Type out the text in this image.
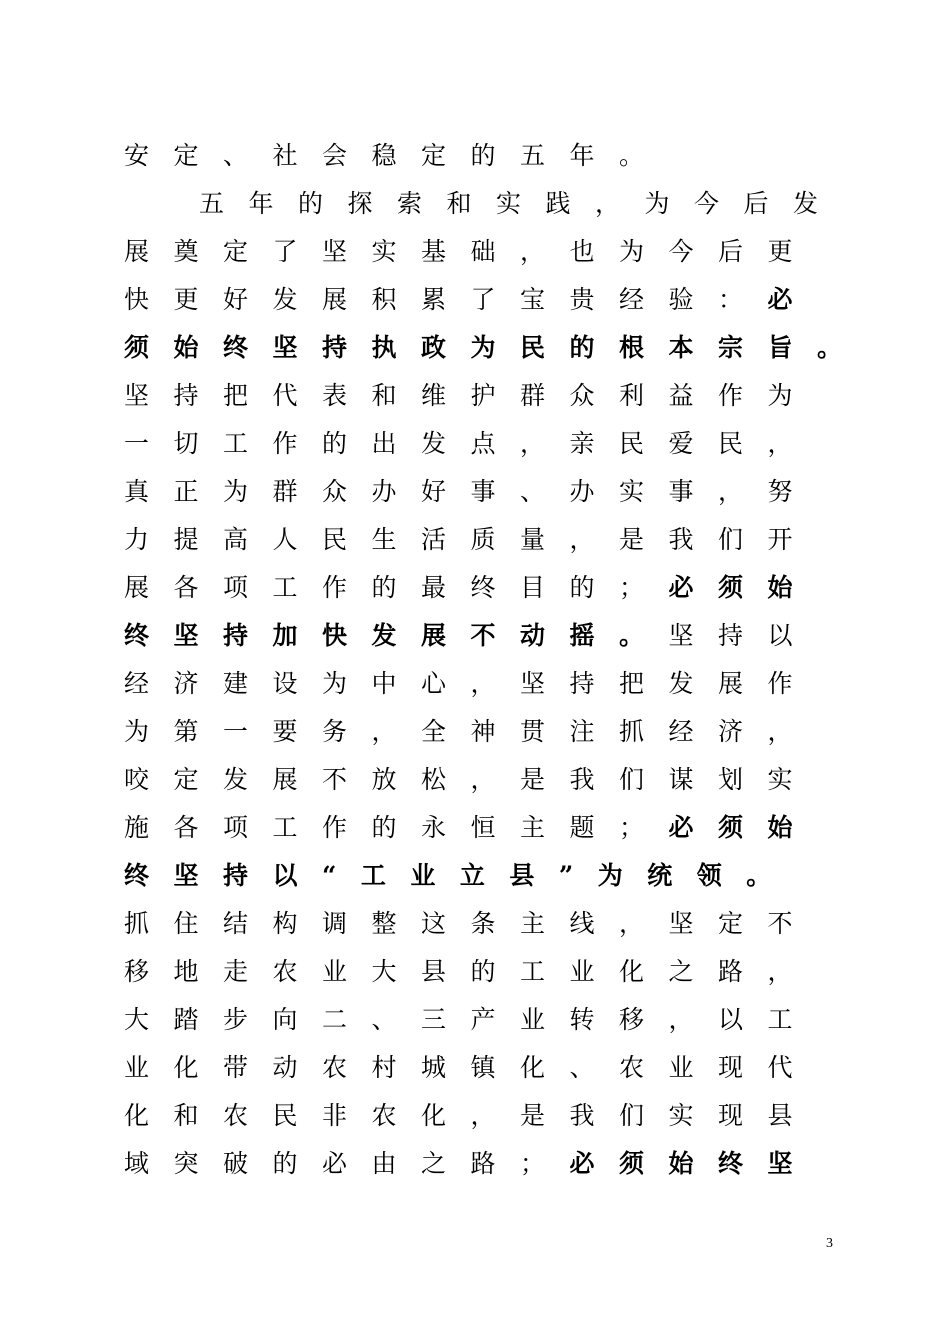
安定、社会稳定的五年。
五年的探索和实践，为今后发
展奠定了坚实基础，也为今后更
快更好发展积累了宝贵经验：必
须始终坚持执政为民的根本宗旨。
坚持把代表和维护群众利益作为
一切工作的出发点，亲民爱民，
真正为群众办好事、办实事，努
力提高人民生活质量，是我们开
展各项工作的最终目的；必须始
终坚持加快发展不动摇。坚持以
经济建设为中心，坚持把发展作
为第一要务，全神贯注抓经济，
咬定发展不放松，是我们谋划实
施各项工作的永恒主题；必须始
终坚持以“工业立县”为统领。
抓住结构调整这条主线，坚定不
移地走农业大县的工业化之路，
大踏步向二、三产业转移，以工
业化带动农村城镇化、农业现代
化和农民非农化，是我们实现县
域突破的必由之路；必须始终坚
3
